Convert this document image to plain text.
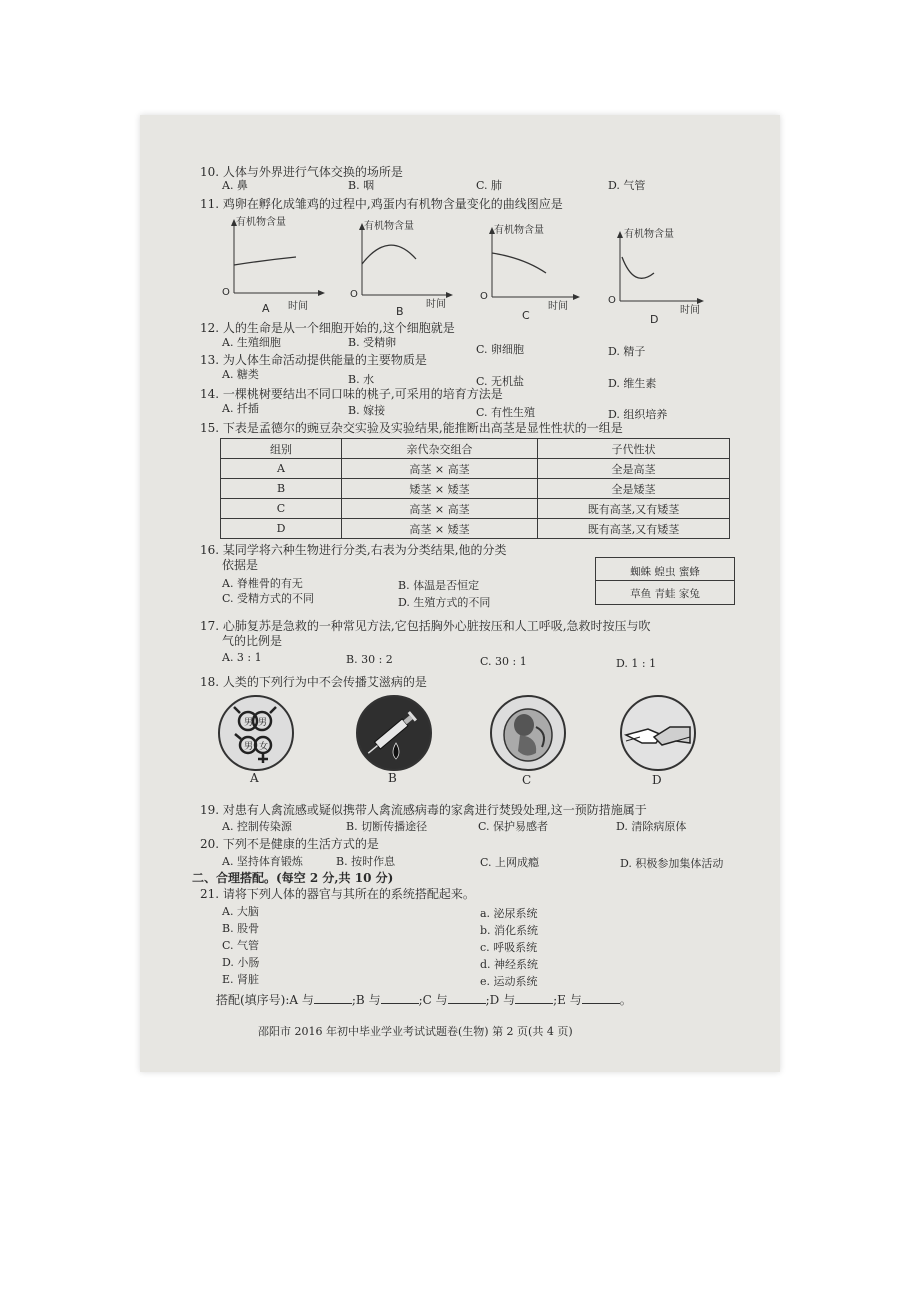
10. 人体与外界进行气体交换的场所是
A. 鼻	B. 咽	C. 肺	D. 气管
11. 鸡卵在孵化成雏鸡的过程中,鸡蛋内有机物含量变化的曲线图应是
O
有机物含量
时间
A
O
有机物含量
时间
B
O
有机物含量
时间
C
O
有机物含量
时间
D
12. 人的生命是从一个细胞开始的,这个细胞就是
A. 生殖细胞	B. 受精卵
C. 卵细胞	D. 精子
13. 为人体生命活动提供能量的主要物质是
A. 糖类	B. 水	C. 无机盐	D. 维生素
14. 一棵桃树要结出不同口味的桃子,可采用的培育方法是
A. 扦插	B. 嫁接	C. 有性生殖	D. 组织培养
15. 下表是孟德尔的豌豆杂交实验及实验结果,能推断出高茎是显性性状的一组是
组别	亲代杂交组合	子代性状
A	高茎 × 高茎	全是高茎
B	矮茎 × 矮茎	全是矮茎
C	高茎 × 高茎	既有高茎,又有矮茎
D	高茎 × 矮茎	既有高茎,又有矮茎
16. 某同学将六种生物进行分类,右表为分类结果,他的分类
依据是
A. 脊椎骨的有无	B. 体温是否恒定
C. 受精方式的不同	D. 生殖方式的不同
蜘蛛 蝗虫 蜜蜂
草鱼 青蛙 家兔
17. 心肺复苏是急救的一种常见方法,它包括胸外心脏按压和人工呼吸,急救时按压与吹
气的比例是
A. 3 : 1	B. 30 : 2	C. 30 : 1	D. 1 : 1
18. 人类的下列行为中不会传播艾滋病的是
男 男
男 女
A	B	C	D
19. 对患有人禽流感或疑似携带人禽流感病毒的家禽进行焚毁处理,这一预防措施属于
A. 控制传染源	B. 切断传播途径	C. 保护易感者	D. 清除病原体
20. 下列不是健康的生活方式的是
A. 坚持体育锻炼	B. 按时作息	C. 上网成瘾	D. 积极参加集体活动
二、合理搭配。(每空 2 分,共 10 分)
21. 请将下列人体的器官与其所在的系统搭配起来。
A. 大脑
B. 股骨
C. 气管
D. 小肠
E. 肾脏
a. 泌尿系统
b. 消化系统
c. 呼吸系统
d. 神经系统
e. 运动系统
搭配(填序号):A 与	;B 与	;C 与	;D 与	;E 与	。
邵阳市 2016 年初中毕业学业考试试题卷(生物) 第 2 页(共 4 页)
